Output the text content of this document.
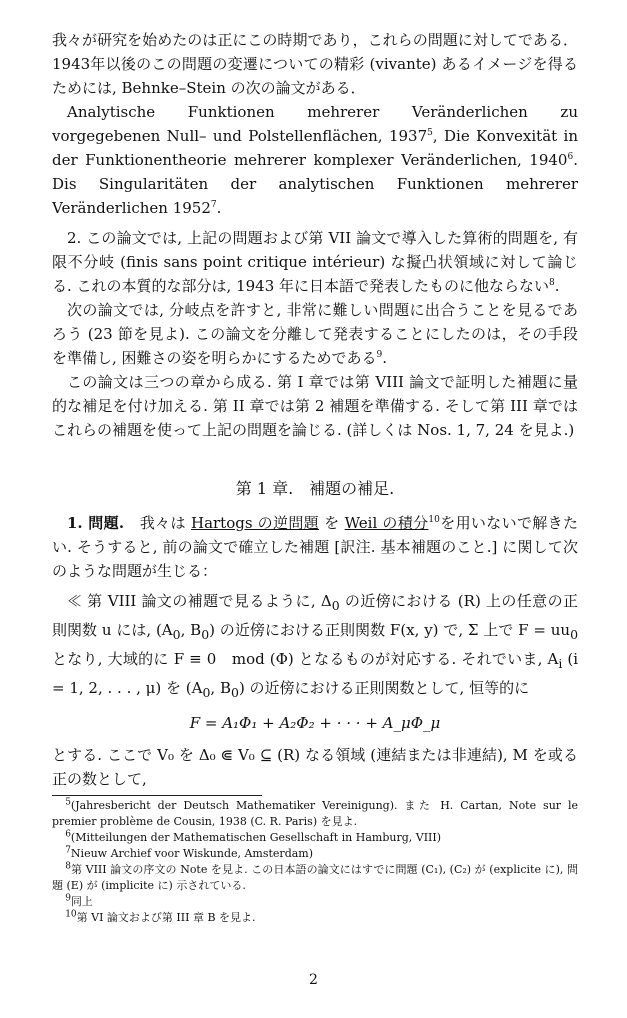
我々が研究を始めたのは正にこの時期であり，これらの問題に対してである．1943年以後のこの問題の変遷についての精彩 (vivante) あるイメージを得るためには, Behnke–Stein の次の論文がある．

Analytische Funktionen mehrerer Veränderlichen zu vorgegebenen Null– und Polstellenflächen, 1937$^5$, Die Konvexität in der Funktionentheorie mehrerer komplexer Veränderlichen, 1940$^6$. Dis Singularitäten der analytischen Funktionen mehrerer Veränderlichen 1952$^7$.

2. この論文では, 上記の問題および第 VII 論文で導入した算術的問題を, 有限不分岐 (finis sans point critique intérieur) な擬凸状領域に対して論じる. これの本質的な部分は, 1943 年に日本語で発表したものに他ならない$^8$.

次の論文では, 分岐点を許すと, 非常に難しい問題に出合うことを見るであろう (23 節を見よ). この論文を分離して発表することにしたのは，その手段を準備し, 困難さの姿を明らかにするためである$^9$.

この論文は三つの章から成る. 第 I 章では第 VIII 論文で証明した補題に量的な補足を付け加える. 第 II 章では第 2 補題を準備する. そして第 III 章ではこれらの補題を使って上記の問題を論じる. (詳しくは Nos. 1, 7, 24 を見よ.)

第 1 章.　補題の補足.

1. 問題.　我々は Hartogs の逆問題 を Weil の積分$^{10}$を用いないで解きたい. そうすると, 前の論文で確立した補題 [訳注. 基本補題のこと.] に関して次のような問題が生じる：

≪ 第 VIII 論文の補題で見るように, $\Delta_0$ の近傍における (R) 上の任意の正則関数 u には, ($A_0$, $B_0$) の近傍における正則関数 F(x, y) で, Σ 上で $F = uu_0$ となり, 大域的に F ≡ 0　mod (Φ) となるものが対応する. それでいま, $A_i$ (i = 1, 2, . . . , μ) を ($A_0$, $B_0$) の近傍における正則関数として, 恒等的に

F = A₁Φ₁ + A₂Φ₂ + · · · + A_μΦ_μ

とする. ここで V₀ を Δ₀ ⋐ V₀ ⊆ (R) なる領域 (連結または非連結), M を或る正の数として,

$^5$(Jahresbericht der Deutsch Mathematiker Vereinigung). また H. Cartan, Note sur le premier problème de Cousin, 1938 (C. R. Paris) を見よ.
$^6$(Mitteilungen der Mathematischen Gesellschaft in Hamburg, VIII)
$^7$Nieuw Archief voor Wiskunde, Amsterdam)
$^8$第 VIII 論文の序文の Note を見よ. この日本語の論文にはすでに問題 (C₁), (C₂) が (explicite に), 問題 (E) が (implicite に) 示されている.
$^9$同上
$^{10}$第 VI 論文および第 III 章 B を見よ.
2
